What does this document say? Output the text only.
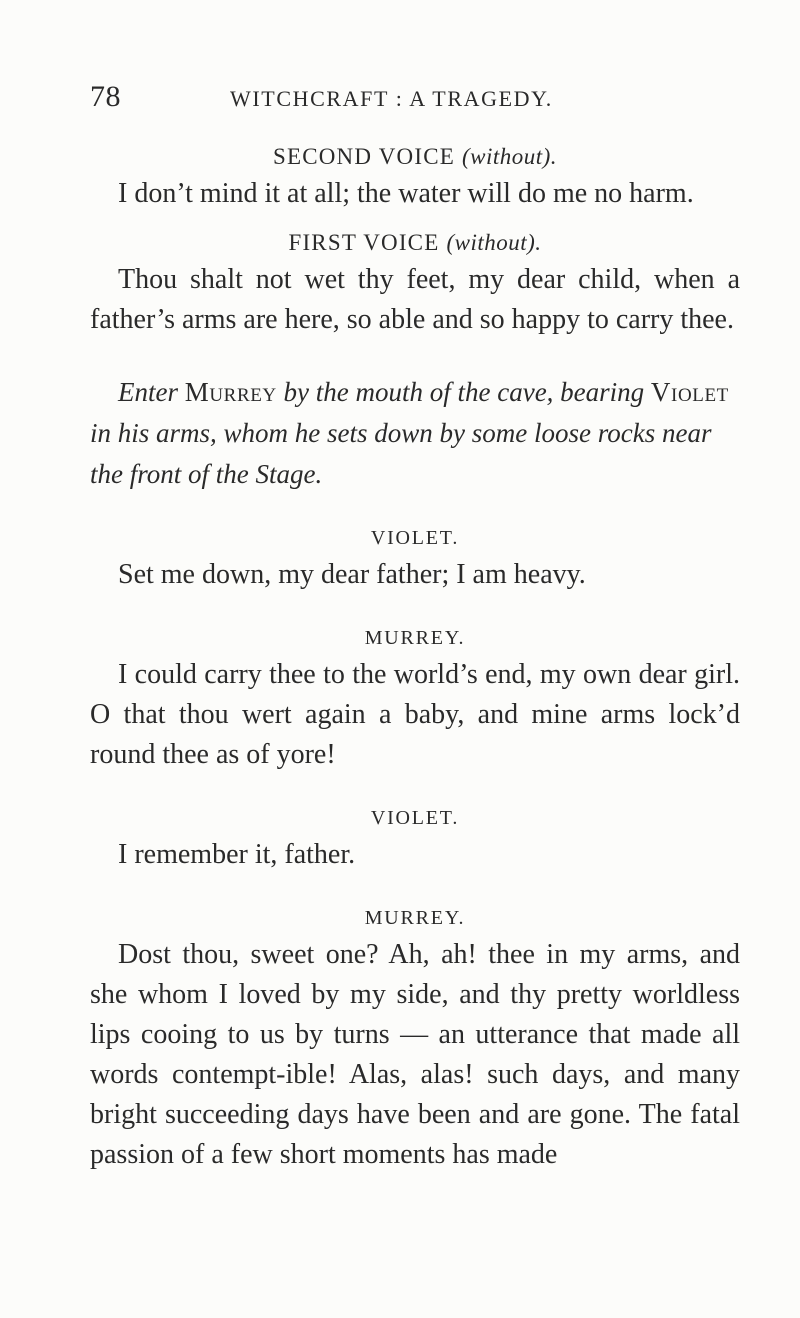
78	WITCHCRAFT : A TRAGEDY.

SECOND VOICE (without).

I don’t mind it at all; the water will do me no harm.

FIRST VOICE (without).

Thou shalt not wet thy feet, my dear child, when a father’s arms are here, so able and so happy to carry thee.

Enter Murrey by the mouth of the cave, bearing Violet in his arms, whom he sets down by some loose rocks near the front of the Stage.

VIOLET.

Set me down, my dear father; I am heavy.

MURREY.

I could carry thee to the world’s end, my own dear girl. O that thou wert again a baby, and mine arms lock’d round thee as of yore!

VIOLET.

I remember it, father.

MURREY.

Dost thou, sweet one? Ah, ah! thee in my arms, and she whom I loved by my side, and thy pretty worldless lips cooing to us by turns — an utterance that made all words contempt-ible! Alas, alas! such days, and many bright succeeding days have been and are gone. The fatal passion of a few short moments has made
